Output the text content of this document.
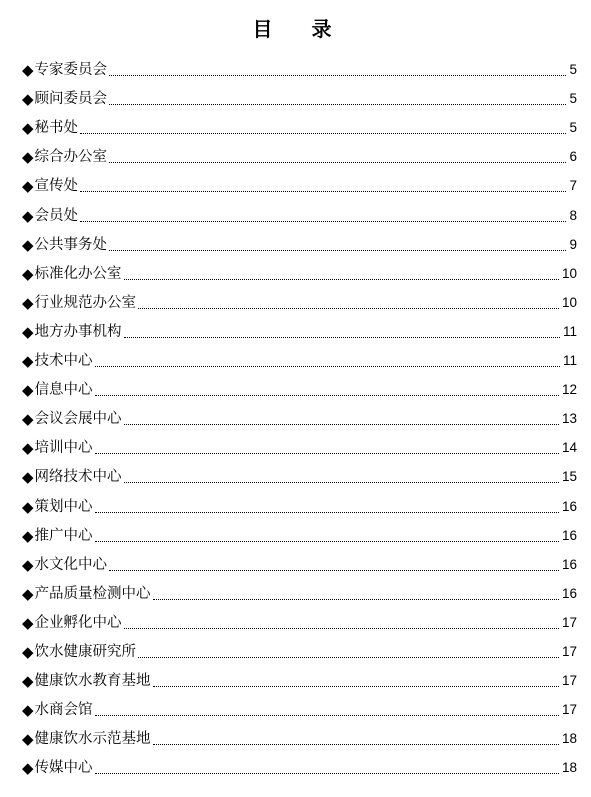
目 录
◆ 专家委员会	5
◆ 顾问委员会	5
◆ 秘书处	5
◆ 综合办公室	6
◆ 宣传处	7
◆ 会员处	8
◆ 公共事务处	9
◆ 标准化办公室	10
◆ 行业规范办公室	10
◆ 地方办事机构	11
◆ 技术中心	11
◆ 信息中心	12
◆ 会议会展中心	13
◆ 培训中心	14
◆ 网络技术中心	15
◆ 策划中心	16
◆ 推广中心	16
◆ 水文化中心	16
◆ 产品质量检测中心	16
◆ 企业孵化中心	17
◆ 饮水健康研究所	17
◆ 健康饮水教育基地	17
◆ 水商会馆	17
◆ 健康饮水示范基地	18
◆ 传媒中心	18
